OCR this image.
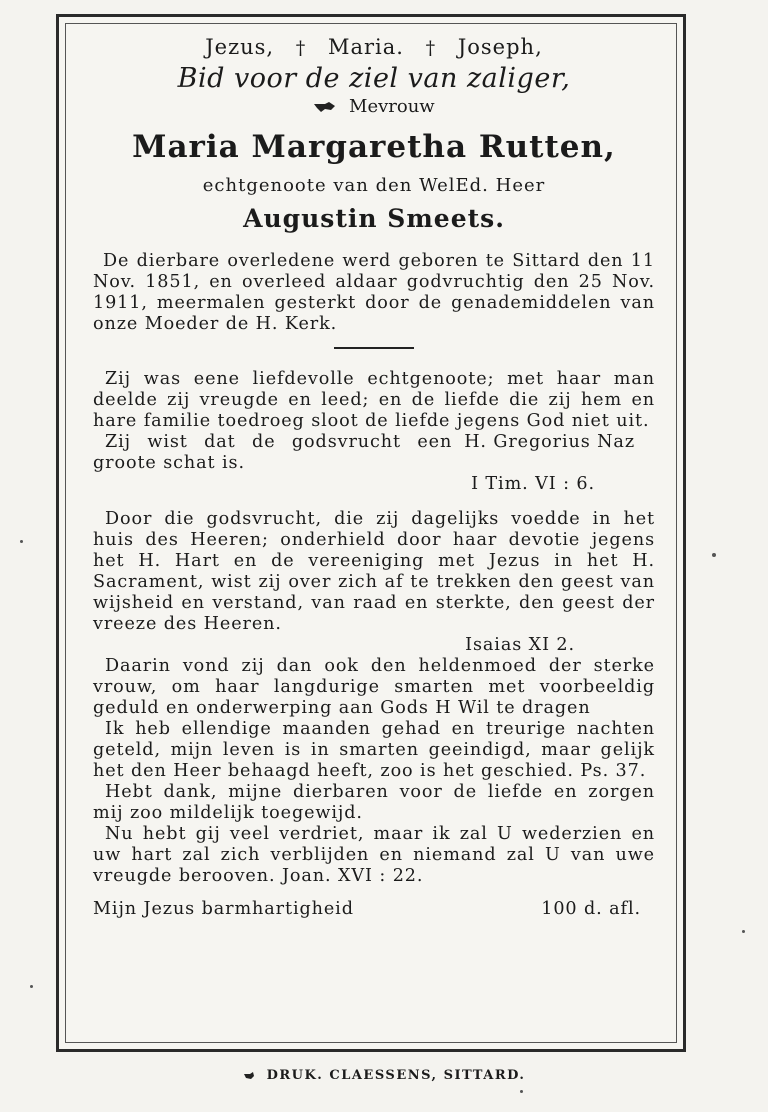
Jezus, † Maria. † Joseph,
Bid voor de ziel van zaliger,
Mevrouw
Maria Margaretha Rutten,
echtgenoote van den WelEd. Heer
Augustin Smeets.

De dierbare overledene werd geboren te Sittard den 11 Nov. 1851, en overleed aldaar godvruchtig den 25 Nov. 1911, meermalen gesterkt door de genademiddelen van onze Moeder de H. Kerk.

Zij was eene liefdevolle echtgenoote; met haar man deelde zij vreugde en leed; en de liefde die zij hem en hare familie toedroeg sloot de liefde jegens God niet uit.
H. Gregorius Naz

Zij wist dat de godsvrucht een groote schat is.

I Tim. VI : 6.

Door die godsvrucht, die zij dagelijks voedde in het huis des Heeren; onderhield door haar devotie jegens het H. Hart en de vereeniging met Jezus in het H. Sacrament, wist zij over zich af te trekken den geest van wijsheid en verstand, van raad en sterkte, den geest der vreeze des Heeren.

Isaias XI 2.

Daarin vond zij dan ook den heldenmoed der sterke vrouw, om haar langdurige smarten met voorbeeldig geduld en onderwerping aan Gods H Wil te dragen

Ik heb ellendige maanden gehad en treurige nachten geteld, mijn leven is in smarten geeindigd, maar gelijk het den Heer behaagd heeft, zoo is het geschied. Ps. 37.

Hebt dank, mijne dierbaren voor de liefde en zorgen mij zoo mildelijk toegewijd.

Nu hebt gij veel verdriet, maar ik zal U wederzien en uw hart zal zich verblijden en niemand zal U van uwe vreugde berooven. Joan. XVI : 22.

Mijn Jezus barmhartigheid	100 d. afl.
DRUK. CLAESSENS, SITTARD.
